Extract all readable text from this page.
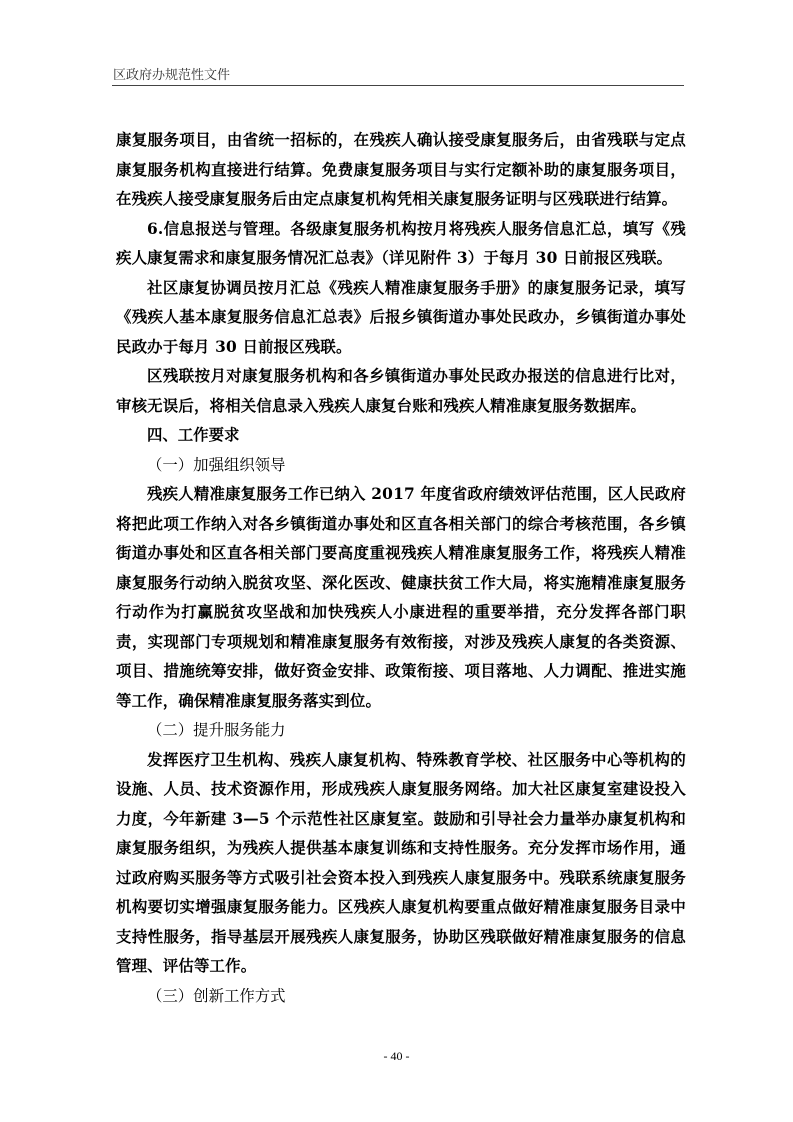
区政府办规范性文件

康复服务项目，由省统一招标的，在残疾人确认接受康复服务后，由省残联与定点康复服务机构直接进行结算。免费康复服务项目与实行定额补助的康复服务项目，在残疾人接受康复服务后由定点康复机构凭相关康复服务证明与区残联进行结算。

6.信息报送与管理。各级康复服务机构按月将残疾人服务信息汇总，填写《残疾人康复需求和康复服务情况汇总表》（详见附件 3）于每月 30 日前报区残联。

社区康复协调员按月汇总《残疾人精准康复服务手册》的康复服务记录，填写《残疾人基本康复服务信息汇总表》后报乡镇街道办事处民政办，乡镇街道办事处民政办于每月 30 日前报区残联。

区残联按月对康复服务机构和各乡镇街道办事处民政办报送的信息进行比对，审核无误后，将相关信息录入残疾人康复台账和残疾人精准康复服务数据库。

四、工作要求

（一）加强组织领导

残疾人精准康复服务工作已纳入 2017 年度省政府绩效评估范围，区人民政府将把此项工作纳入对各乡镇街道办事处和区直各相关部门的综合考核范围，各乡镇街道办事处和区直各相关部门要高度重视残疾人精准康复服务工作，将残疾人精准康复服务行动纳入脱贫攻坚、深化医改、健康扶贫工作大局，将实施精准康复服务行动作为打赢脱贫攻坚战和加快残疾人小康进程的重要举措，充分发挥各部门职责，实现部门专项规划和精准康复服务有效衔接，对涉及残疾人康复的各类资源、项目、措施统筹安排，做好资金安排、政策衔接、项目落地、人力调配、推进实施等工作，确保精准康复服务落实到位。

（二）提升服务能力

发挥医疗卫生机构、残疾人康复机构、特殊教育学校、社区服务中心等机构的设施、人员、技术资源作用，形成残疾人康复服务网络。加大社区康复室建设投入力度，今年新建 3—5 个示范性社区康复室。鼓励和引导社会力量举办康复机构和康复服务组织，为残疾人提供基本康复训练和支持性服务。充分发挥市场作用，通过政府购买服务等方式吸引社会资本投入到残疾人康复服务中。残联系统康复服务机构要切实增强康复服务能力。区残疾人康复机构要重点做好精准康复服务目录中支持性服务，指导基层开展残疾人康复服务，协助区残联做好精准康复服务的信息管理、评估等工作。

（三）创新工作方式

- 40 -
